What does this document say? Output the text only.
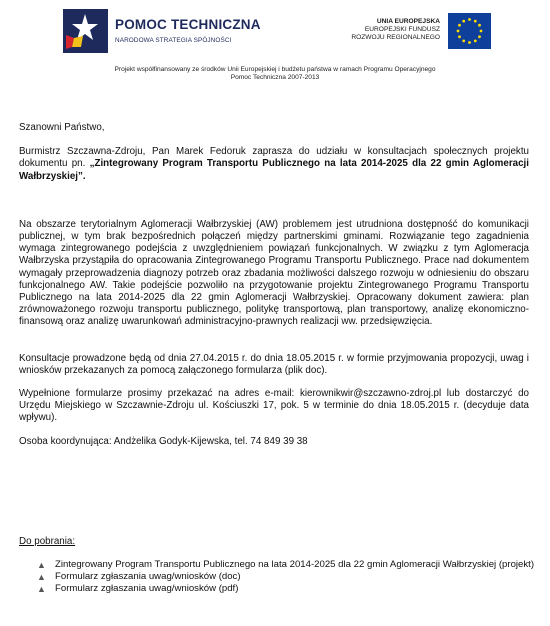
POMOC TECHNICZNA
NARODOWA STRATEGIA SPÓJNOŚCI
UNIA EUROPEJSKA
EUROPEJSKI FUNDUSZ
ROZWOJU REGIONALNEGO
Projekt współfinansowany ze środków Unii Europejskiej i budżetu państwa w ramach Programu Operacyjnego
Pomoc Techniczna 2007-2013
Szanowni Państwo,
Burmistrz Szczawna-Zdroju, Pan Marek Fedoruk zaprasza do udziału w konsultacjach społecznych projektu dokumentu pn. „Zintegrowany Program Transportu Publicznego na lata 2014-2025 dla 22 gmin Aglomeracji Wałbrzyskiej”.
Na obszarze terytorialnym Aglomeracji Wałbrzyskiej (AW) problemem jest utrudniona dostępność do komunikacji publicznej, w tym brak bezpośrednich połączeń między partnerskimi gminami. Rozwiązanie tego zagadnienia wymaga zintegrowanego podejścia z uwzględnieniem powiązań funkcjonalnych. W związku z tym Aglomeracja Wałbrzyska przystąpiła do opracowania Zintegrowanego Programu Transportu Publicznego. Prace nad dokumentem wymagały przeprowadzenia diagnozy potrzeb oraz zbadania możliwości dalszego rozwoju w odniesieniu do obszaru funkcjonalnego AW. Takie podejście pozwoliło na przygotowanie projektu Zintegrowanego Programu Transportu Publicznego na lata 2014-2025 dla 22 gmin Aglomeracji Wałbrzyskiej. Opracowany dokument zawiera: plan zrównoważonego rozwoju transportu publicznego, politykę transportową, plan transportowy, analizę ekonomiczno-finansową oraz analizę uwarunkowań administracyjno-prawnych realizacji ww. przedsięwzięcia.
Konsultacje prowadzone będą od dnia 27.04.2015 r. do dnia 18.05.2015 r. w formie przyjmowania propozycji, uwag i wniosków przekazanych za pomocą załączonego formularza (plik doc).
Wypełnione formularze prosimy przekazać na adres e-mail: kierownikwir@szczawno-zdroj.pl lub dostarczyć do Urzędu Miejskiego w Szczawnie-Zdroju ul. Kościuszki 17, pok. 5 w terminie do dnia 18.05.2015 r. (decyduje data wpływu).
Osoba koordynująca: Andżelika Godyk-Kijewska, tel. 74 849 39 38
Do pobrania:
▲ Zintegrowany Program Transportu Publicznego na lata 2014-2025 dla 22 gmin Aglomeracji Wałbrzyskiej (projekt)
▲ Formularz zgłaszania uwag/wniosków (doc)
▲ Formularz zgłaszania uwag/wniosków (pdf)
